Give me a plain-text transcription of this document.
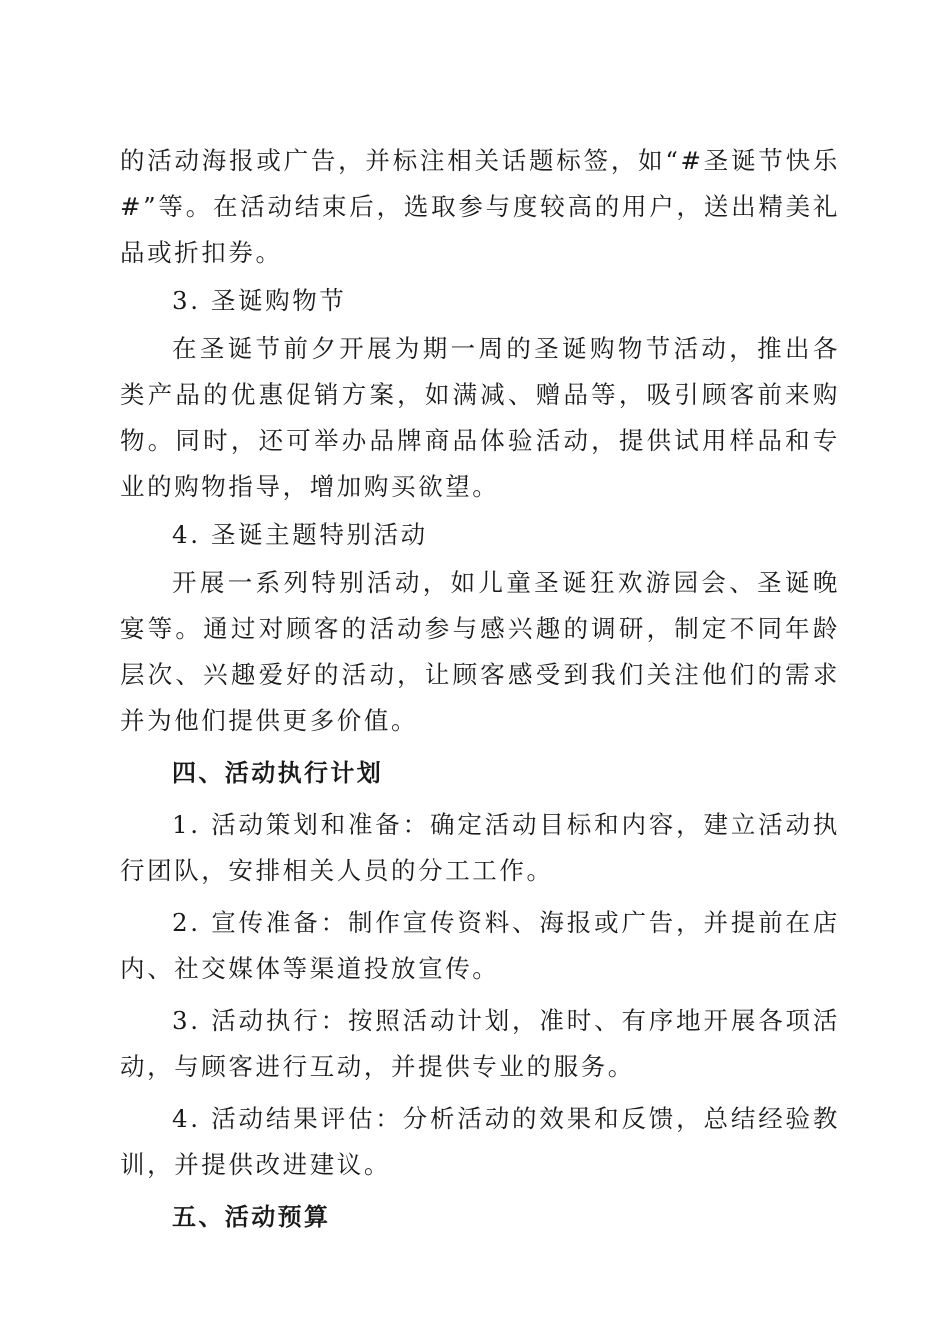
的活动海报或广告，并标注相关话题标签，如“#圣诞节快乐#”等。在活动结束后，选取参与度较高的用户，送出精美礼品或折扣券。

3. 圣诞购物节

在圣诞节前夕开展为期一周的圣诞购物节活动，推出各类产品的优惠促销方案，如满减、赠品等，吸引顾客前来购物。同时，还可举办品牌商品体验活动，提供试用样品和专业的购物指导，增加购买欲望。

4. 圣诞主题特别活动

开展一系列特别活动，如儿童圣诞狂欢游园会、圣诞晚宴等。通过对顾客的活动参与感兴趣的调研，制定不同年龄层次、兴趣爱好的活动，让顾客感受到我们关注他们的需求并为他们提供更多价值。

四、活动执行计划

1. 活动策划和准备：确定活动目标和内容，建立活动执行团队，安排相关人员的分工工作。

2. 宣传准备：制作宣传资料、海报或广告，并提前在店内、社交媒体等渠道投放宣传。

3. 活动执行：按照活动计划，准时、有序地开展各项活动，与顾客进行互动，并提供专业的服务。

4. 活动结果评估：分析活动的效果和反馈，总结经验教训，并提供改进建议。

五、活动预算
